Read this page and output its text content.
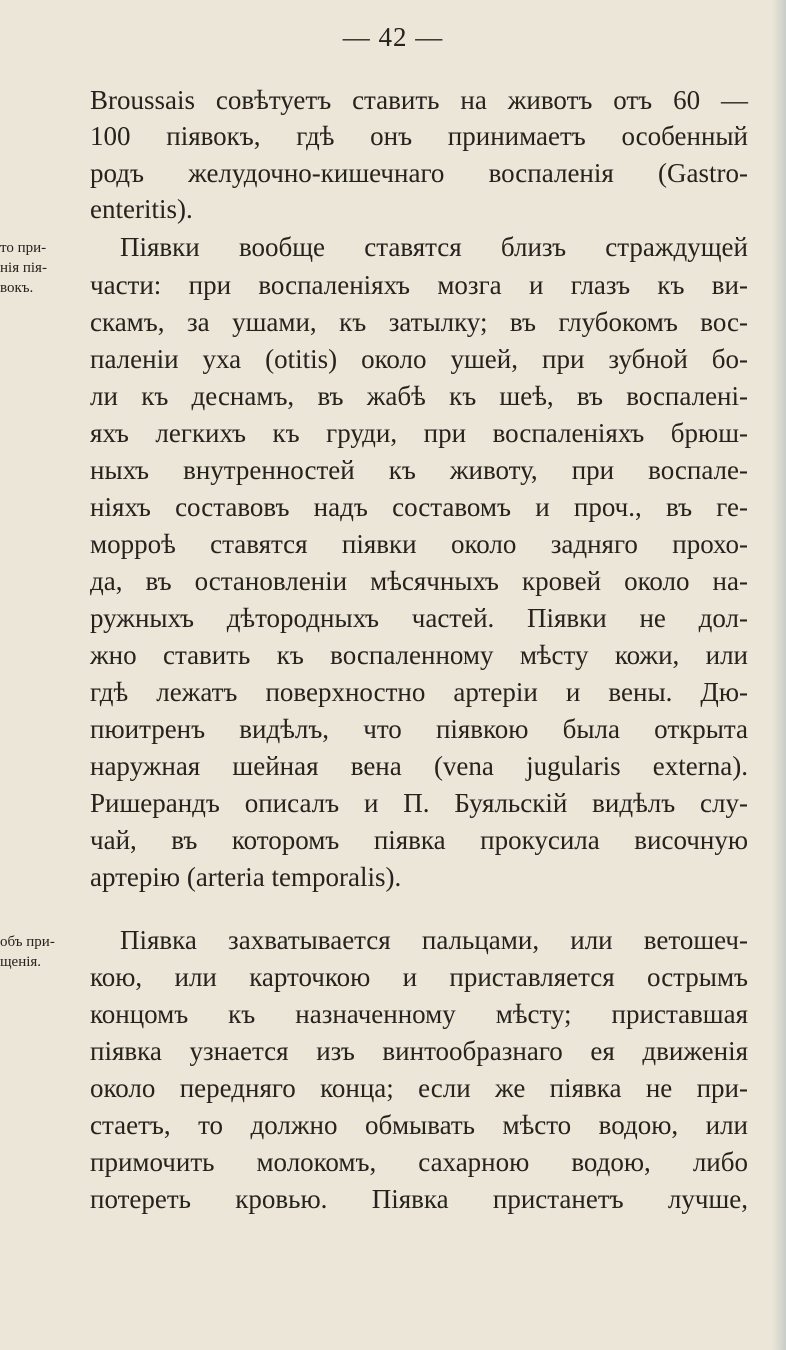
— 42 —
то при-
нія пія-
вокъ.
объ при-
щенія.
Broussais совѣтуетъ ставить на животъ отъ 60 —
100 піявокъ, гдѣ онъ принимаетъ особенный
родъ желудочно-кишечнаго воспаленія (Gastro-
enteritis).
Піявки вообще ставятся близъ страждущей
части: при воспаленіяхъ мозга и глазъ къ ви-
скамъ, за ушами, къ затылку; въ глубокомъ вос-
паленіи уха (otitis) около ушей, при зубной бо-
ли къ деснамъ, въ жабѣ къ шеѣ, въ воспалені-
яхъ легкихъ къ груди, при воспаленіяхъ брюш-
ныхъ внутренностей къ животу, при воспале-
ніяхъ составовъ надъ составомъ и проч., въ ге-
морроѣ ставятся піявки около задняго прохо-
да, въ остановленіи мѣсячныхъ кровей около на-
ружныхъ дѣтородныхъ частей. Піявки не дол-
жно ставить къ воспаленному мѣсту кожи, или
гдѣ лежатъ поверхностно артеріи и вены. Дю-
пюитренъ видѣлъ, что піявкою была открыта
наружная шейная вена (vena jugularis externa).
Ришерандъ описалъ и П. Буяльскій видѣлъ слу-
чай, въ которомъ піявка прокусила височную
артерію (arteria temporalis).
Піявка захватывается пальцами, или ветошеч-
кою, или карточкою и приставляется острымъ
концомъ къ назначенному мѣсту; приставшая
піявка узнается изъ винтообразнаго ея движенія
около передняго конца; если же піявка не при-
стаетъ, то должно обмывать мѣсто водою, или
примочить молокомъ, сахарною водою, либо
потереть кровью. Піявка пристанетъ лучше,
